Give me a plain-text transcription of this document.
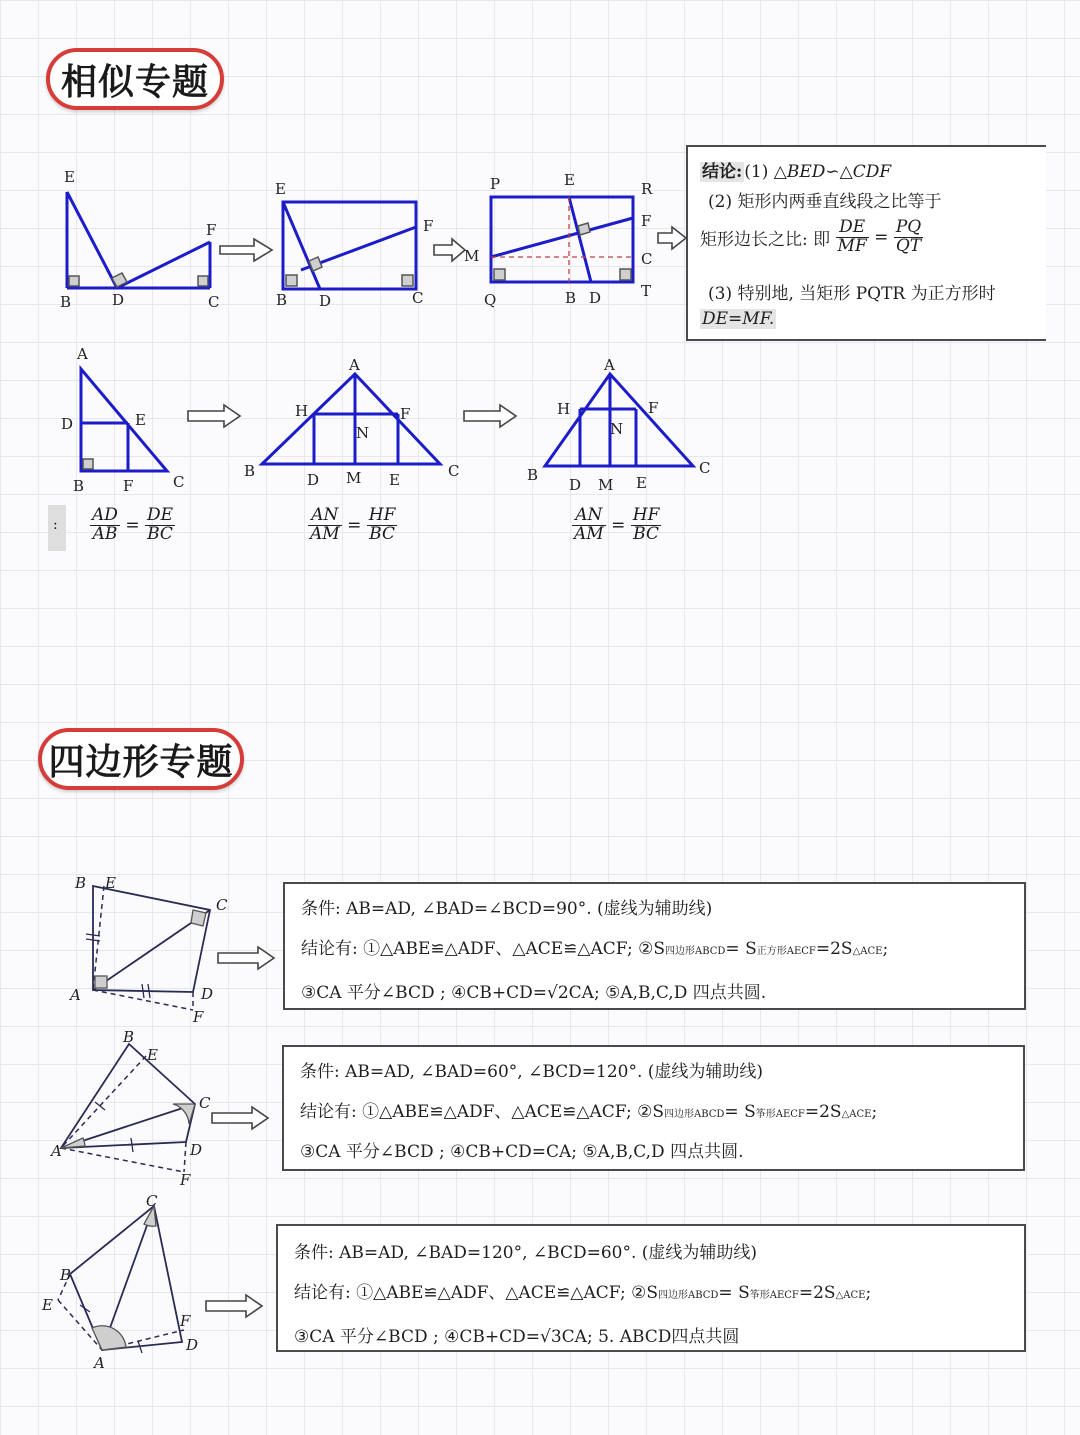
相似专题
四边形专题
E
B	D
F
C
E
B D
F
C
P	E	R
F
M	C
Q	B D	T
结论: (1) △BED∽△CDF
(2) 矩形内两垂直线段之比等于
矩形边长之比: 即 $\frac{DE}{MF} = \frac{PQ}{QT}$
(3) 特别地, 当矩形 PQTR 为正方形时
DE=MF.
A
D	E
B	F	C
A
H	F
N
B	D M E	C
A
H	F
N
B
D M E
C
: $\frac{AD}{AB} = \frac{DE}{BC}$	$\frac{AN}{AM} = \frac{HF}{BC}$	$\frac{AN}{AM} = \frac{HF}{BC}$
B E
C
A	D
F
条件: AB=AD, ∠BAD=∠BCD=90°. (虚线为辅助线)
结论有: ①△ABE≌△ADF、△ACE≌△ACF; ②S四边形ABCD= S正方形AECF=2S△ACE;
③CA 平分∠BCD ; ④CB+CD=√2CA; ⑤A,B,C,D 四点共圆.
B
E
C
A	D
F
条件: AB=AD, ∠BAD=60°, ∠BCD=120°. (虚线为辅助线)
结论有: ①△ABE≌△ADF、△ACE≌△ACF; ②S四边形ABCD= S筝形AECF=2S△ACE;
③CA 平分∠BCD ; ④CB+CD=CA; ⑤A,B,C,D 四点共圆.
C
B
E
F
D
A
条件: AB=AD, ∠BAD=120°, ∠BCD=60°. (虚线为辅助线)
结论有: ①△ABE≌△ADF、△ACE≌△ACF; ②S四边形ABCD= S筝形AECF=2S△ACE;
③CA 平分∠BCD ; ④CB+CD=√3CA; 5. ABCD四点共圆
